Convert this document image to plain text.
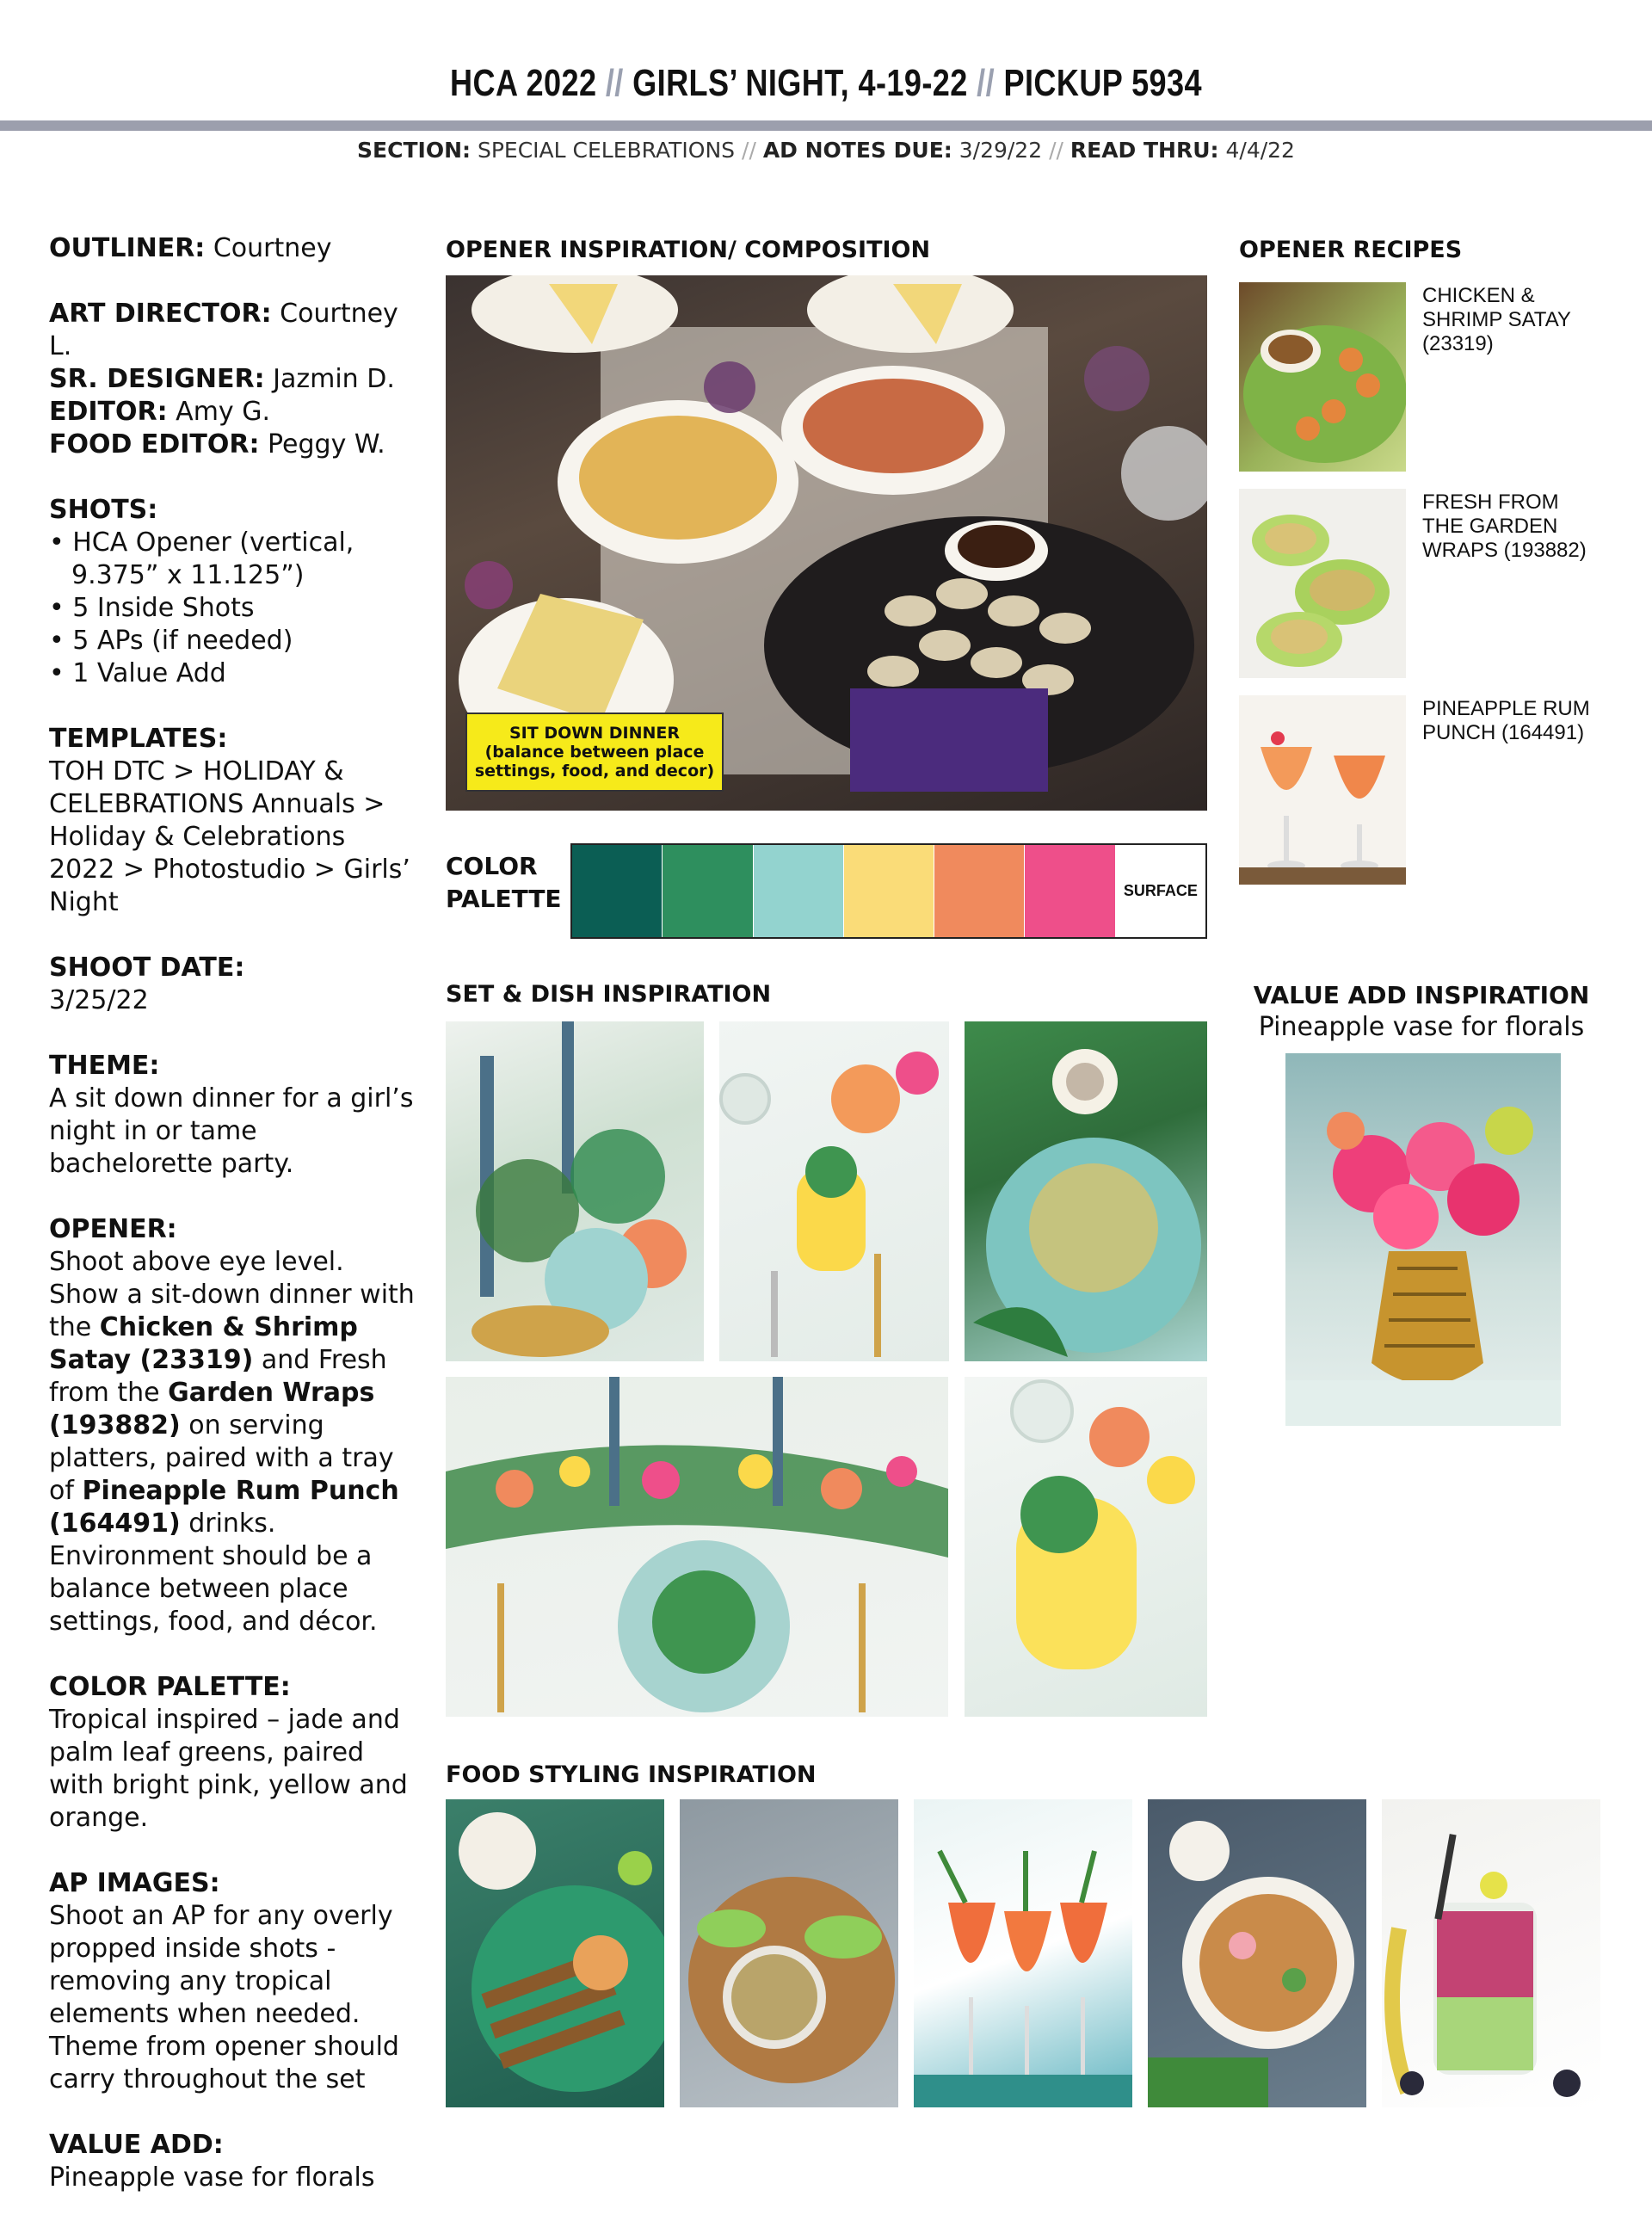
HCA 2022 // GIRLS’ NIGHT, 4-19-22 // PICKUP 5934
SECTION: SPECIAL CELEBRATIONS // AD NOTES DUE: 3/29/22 // READ THRU: 4/4/22

OUTLINER: Courtney

ART DIRECTOR: Courtney L.
SR. DESIGNER: Jazmin D.
EDITOR: Amy G.
FOOD EDITOR: Peggy W.

SHOTS:

• HCA Opener (vertical, 9.375” x 11.125”)
• 5 Inside Shots
• 5 APs (if needed)
• 1 Value Add

TEMPLATES:
TOH DTC > HOLIDAY & CELEBRATIONS Annuals > Holiday & Celebrations 2022 > Photostudio > Girls’ Night

SHOOT DATE:
3/25/22

THEME:
A sit down dinner for a girl’s night in or tame bachelorette party.

OPENER:
Shoot above eye level. Show a sit-down dinner with the Chicken & Shrimp Satay (23319) and Fresh from the Garden Wraps (193882) on serving platters, paired with a tray of Pineapple Rum Punch (164491) drinks. Environment should be a balance between place settings, food, and décor.

COLOR PALETTE:
Tropical inspired – jade and palm leaf greens, paired with bright pink, yellow and orange.

AP IMAGES:
Shoot an AP for any overly propped inside shots - removing any tropical elements when needed. Theme from opener should carry throughout the set

VALUE ADD:
Pineapple vase for florals

OPENER INSPIRATION/ COMPOSITION
SIT DOWN DINNER
(balance between place settings, food, and decor)
COLOR
PALETTE	SURFACE
OPENER RECIPES
CHICKEN & SHRIMP SATAY (23319)
FRESH FROM THE GARDEN WRAPS (193882)
PINEAPPLE RUM PUNCH (164491)
SET & DISH INSPIRATION	VALUE ADD INSPIRATION
Pineapple vase for florals
FOOD STYLING INSPIRATION
